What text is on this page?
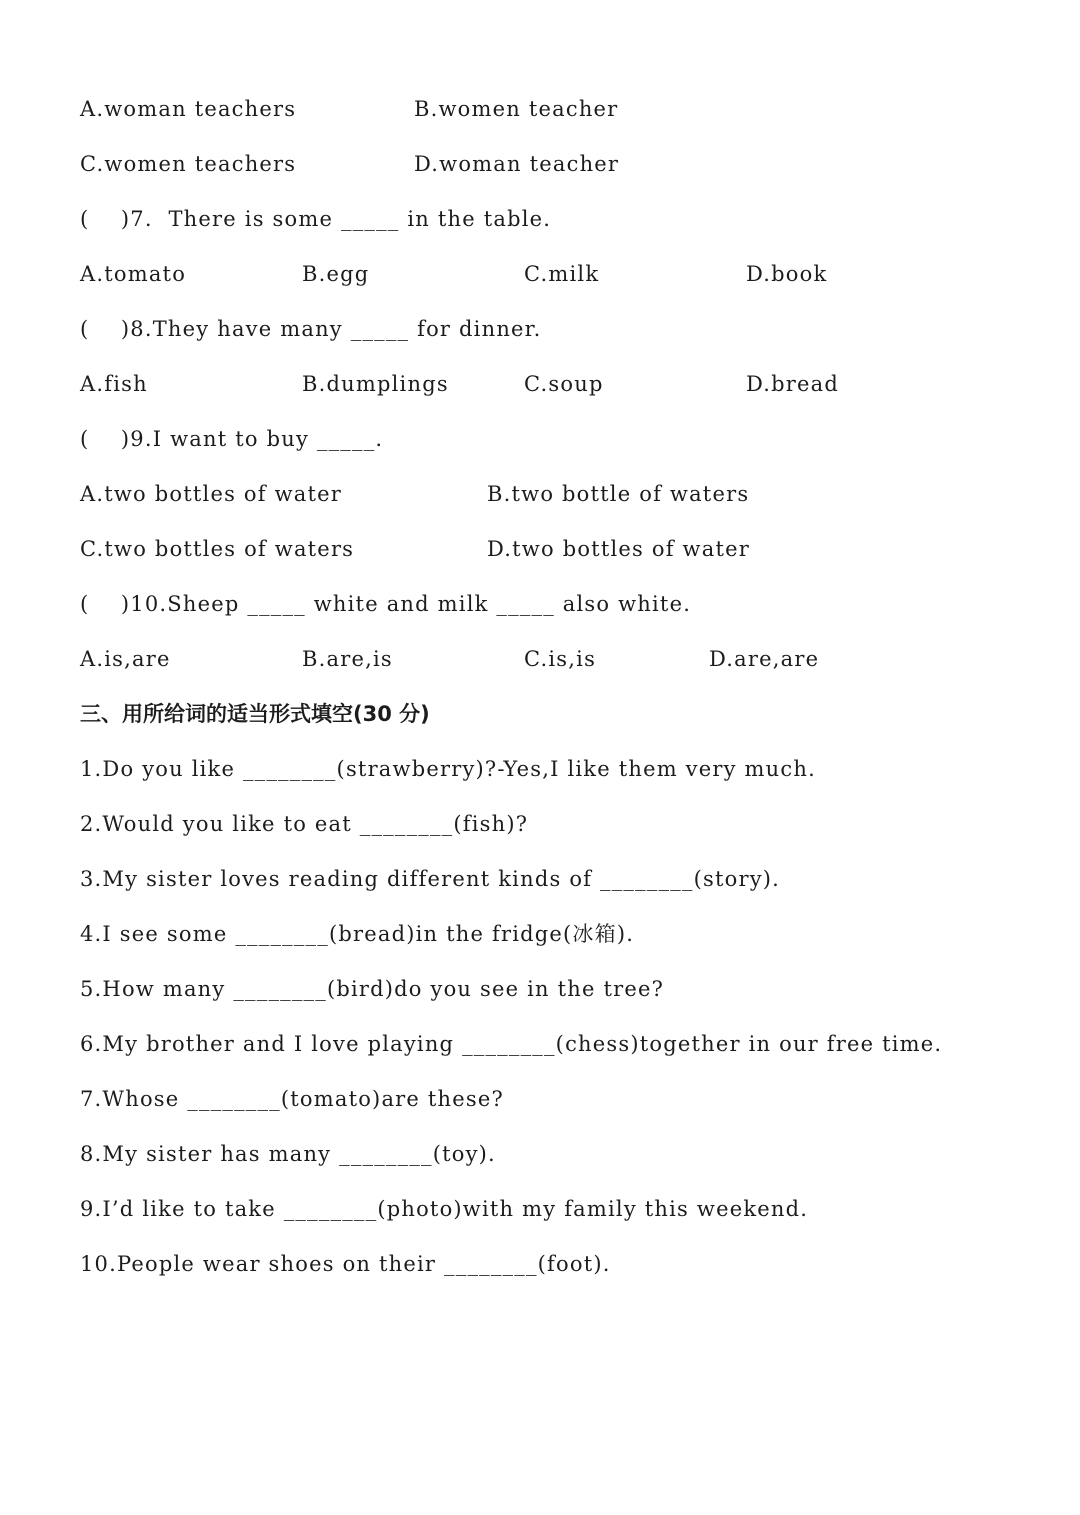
A.woman teachers	B.women teacher
C.women teachers	D.woman teacher
(    )7.  There is some _____ in the table.
A.tomato	B.egg	C.milk	D.book
(    )8.They have many _____ for dinner.
A.fish	B.dumplings	C.soup	D.bread
(    )9.I want to buy _____.
A.two bottles of water	B.two bottle of waters
C.two bottles of waters	D.two bottles of water
(    )10.Sheep _____ white and milk _____ also white.
A.is,are	B.are,is	C.is,is	D.are,are
三、用所给词的适当形式填空(30 分)
1.Do you like ________(strawberry)?-Yes,I like them very much.
2.Would you like to eat ________(fish)?
3.My sister loves reading different kinds of ________(story).
4.I see some ________(bread)in the fridge(冰箱).
5.How many ________(bird)do you see in the tree?
6.My brother and I love playing ________(chess)together in our free time.
7.Whose ________(tomato)are these?
8.My sister has many ________(toy).
9.I’d like to take ________(photo)with my family this weekend.
10.People wear shoes on their ________(foot).
